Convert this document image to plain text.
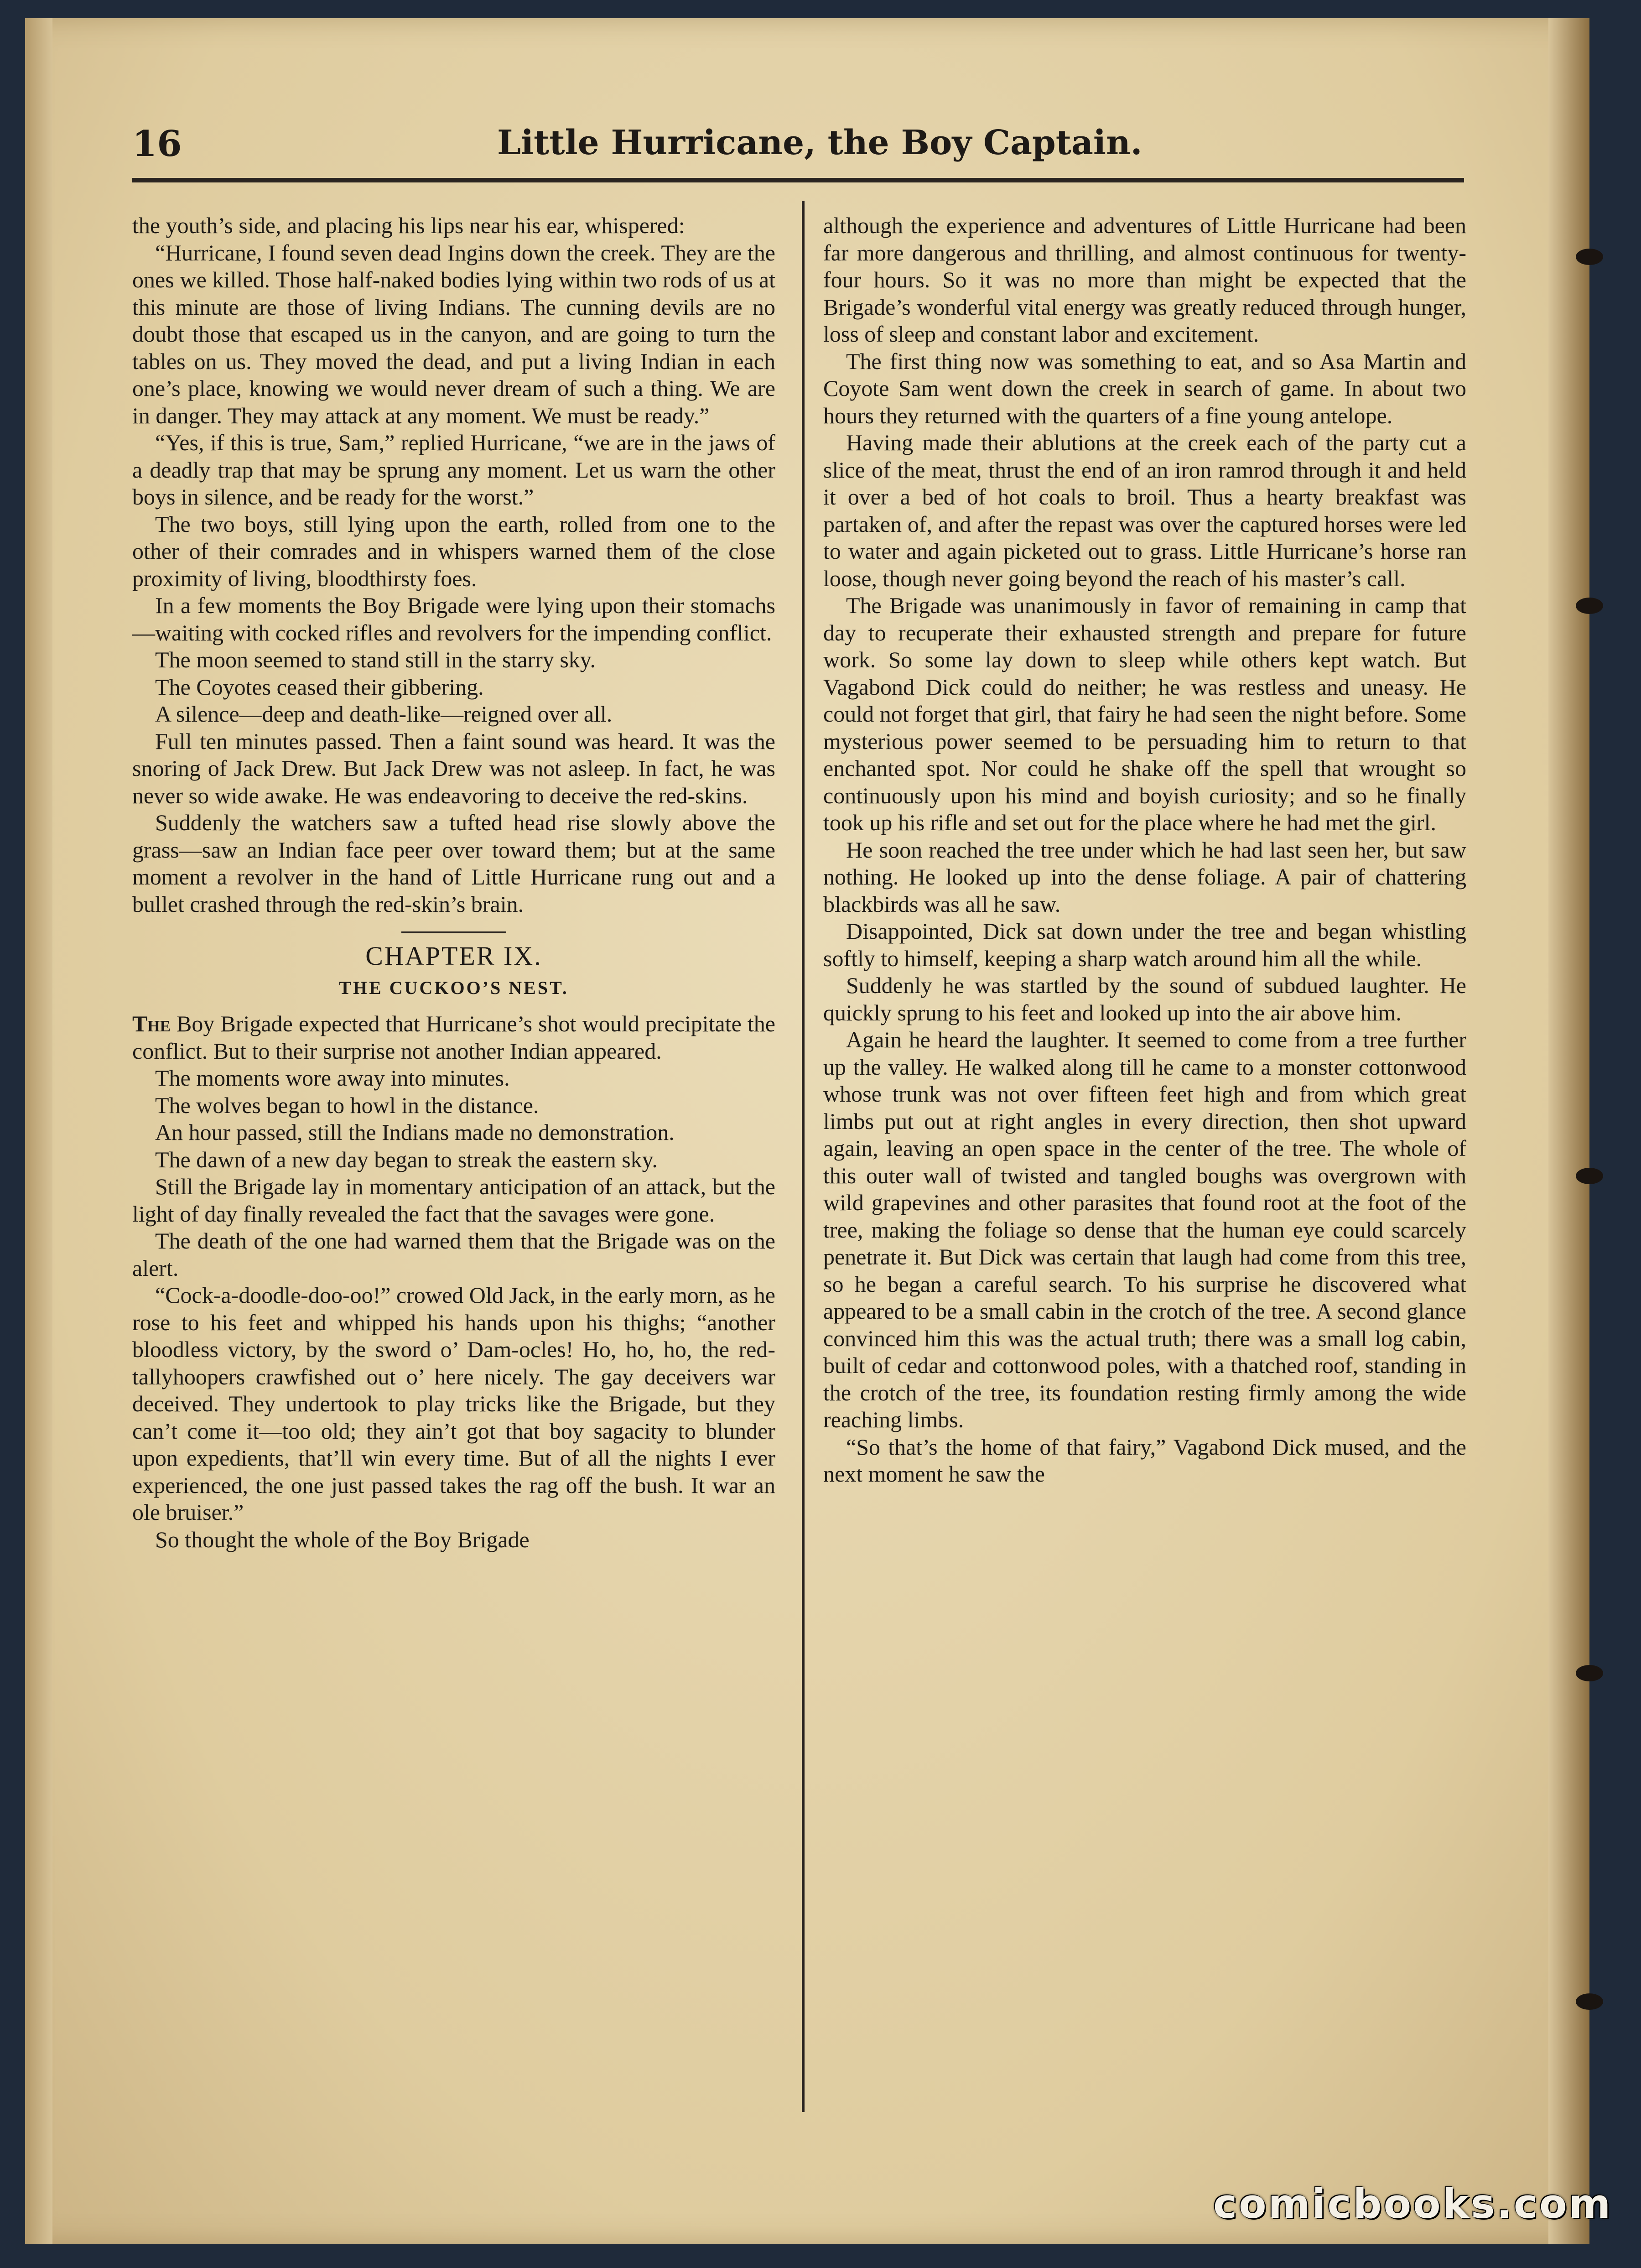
16	Little Hurricane, the Boy Captain.

the youth’s side, and placing his lips near his ear, whispered:

“Hurricane, I found seven dead Ingins down the creek. They are the ones we killed. Those half-naked bodies lying within two rods of us at this minute are those of living Indians. The cunning devils are no doubt those that escaped us in the canyon, and are going to turn the tables on us. They moved the dead, and put a living Indian in each one’s place, knowing we would never dream of such a thing. We are in danger. They may attack at any moment. We must be ready.”

“Yes, if this is true, Sam,” replied Hurricane, “we are in the jaws of a deadly trap that may be sprung any moment. Let us warn the other boys in silence, and be ready for the worst.”

The two boys, still lying upon the earth, rolled from one to the other of their comrades and in whispers warned them of the close proximity of living, bloodthirsty foes.

In a few moments the Boy Brigade were lying upon their stomachs—waiting with cocked rifles and revolvers for the impending conflict.

The moon seemed to stand still in the starry sky.

The Coyotes ceased their gibbering.

A silence—deep and death-like—reigned over all.

Full ten minutes passed. Then a faint sound was heard. It was the snoring of Jack Drew. But Jack Drew was not asleep. In fact, he was never so wide awake. He was endeavoring to deceive the red-skins.

Suddenly the watchers saw a tufted head rise slowly above the grass—saw an Indian face peer over toward them; but at the same moment a revolver in the hand of Little Hurricane rung out and a bullet crashed through the red-skin’s brain.

CHAPTER IX.
THE CUCKOO’S NEST.

The Boy Brigade expected that Hurricane’s shot would precipitate the conflict. But to their surprise not another Indian appeared.

The moments wore away into minutes.

The wolves began to howl in the distance.

An hour passed, still the Indians made no demonstration.

The dawn of a new day began to streak the eastern sky.

Still the Brigade lay in momentary anticipation of an attack, but the light of day finally revealed the fact that the savages were gone.

The death of the one had warned them that the Brigade was on the alert.

“Cock-a-doodle-doo-oo!” crowed Old Jack, in the early morn, as he rose to his feet and whipped his hands upon his thighs; “another bloodless victory, by the sword o’ Dam-ocles! Ho, ho, ho, the red-tallyhoopers crawfished out o’ here nicely. The gay deceivers war deceived. They undertook to play tricks like the Brigade, but they can’t come it—too old; they ain’t got that boy sagacity to blunder upon expedients, that’ll win every time. But of all the nights I ever experienced, the one just passed takes the rag off the bush. It war an ole bruiser.”

So thought the whole of the Boy Brigade

although the experience and adventures of Little Hurricane had been far more dangerous and thrilling, and almost continuous for twenty-four hours. So it was no more than might be expected that the Brigade’s wonderful vital energy was greatly reduced through hunger, loss of sleep and constant labor and excitement.

The first thing now was something to eat, and so Asa Martin and Coyote Sam went down the creek in search of game. In about two hours they returned with the quarters of a fine young antelope.

Having made their ablutions at the creek each of the party cut a slice of the meat, thrust the end of an iron ramrod through it and held it over a bed of hot coals to broil. Thus a hearty breakfast was partaken of, and after the repast was over the captured horses were led to water and again picketed out to grass. Little Hurricane’s horse ran loose, though never going beyond the reach of his master’s call.

The Brigade was unanimously in favor of remaining in camp that day to recuperate their exhausted strength and prepare for future work. So some lay down to sleep while others kept watch. But Vagabond Dick could do neither; he was restless and uneasy. He could not forget that girl, that fairy he had seen the night before. Some mysterious power seemed to be persuading him to return to that enchanted spot. Nor could he shake off the spell that wrought so continuously upon his mind and boyish curiosity; and so he finally took up his rifle and set out for the place where he had met the girl.

He soon reached the tree under which he had last seen her, but saw nothing. He looked up into the dense foliage. A pair of chattering blackbirds was all he saw.

Disappointed, Dick sat down under the tree and began whistling softly to himself, keeping a sharp watch around him all the while.

Suddenly he was startled by the sound of subdued laughter. He quickly sprung to his feet and looked up into the air above him.

Again he heard the laughter. It seemed to come from a tree further up the valley. He walked along till he came to a monster cottonwood whose trunk was not over fifteen feet high and from which great limbs put out at right angles in every direction, then shot upward again, leaving an open space in the center of the tree. The whole of this outer wall of twisted and tangled boughs was overgrown with wild grapevines and other parasites that found root at the foot of the tree, making the foliage so dense that the human eye could scarcely penetrate it. But Dick was certain that laugh had come from this tree, so he began a careful search. To his surprise he discovered what appeared to be a small cabin in the crotch of the tree. A second glance convinced him this was the actual truth; there was a small log cabin, built of cedar and cottonwood poles, with a thatched roof, standing in the crotch of the tree, its foundation resting firmly among the wide reaching limbs.

“So that’s the home of that fairy,” Vagabond Dick mused, and the next moment he saw the

comicbooks.com
